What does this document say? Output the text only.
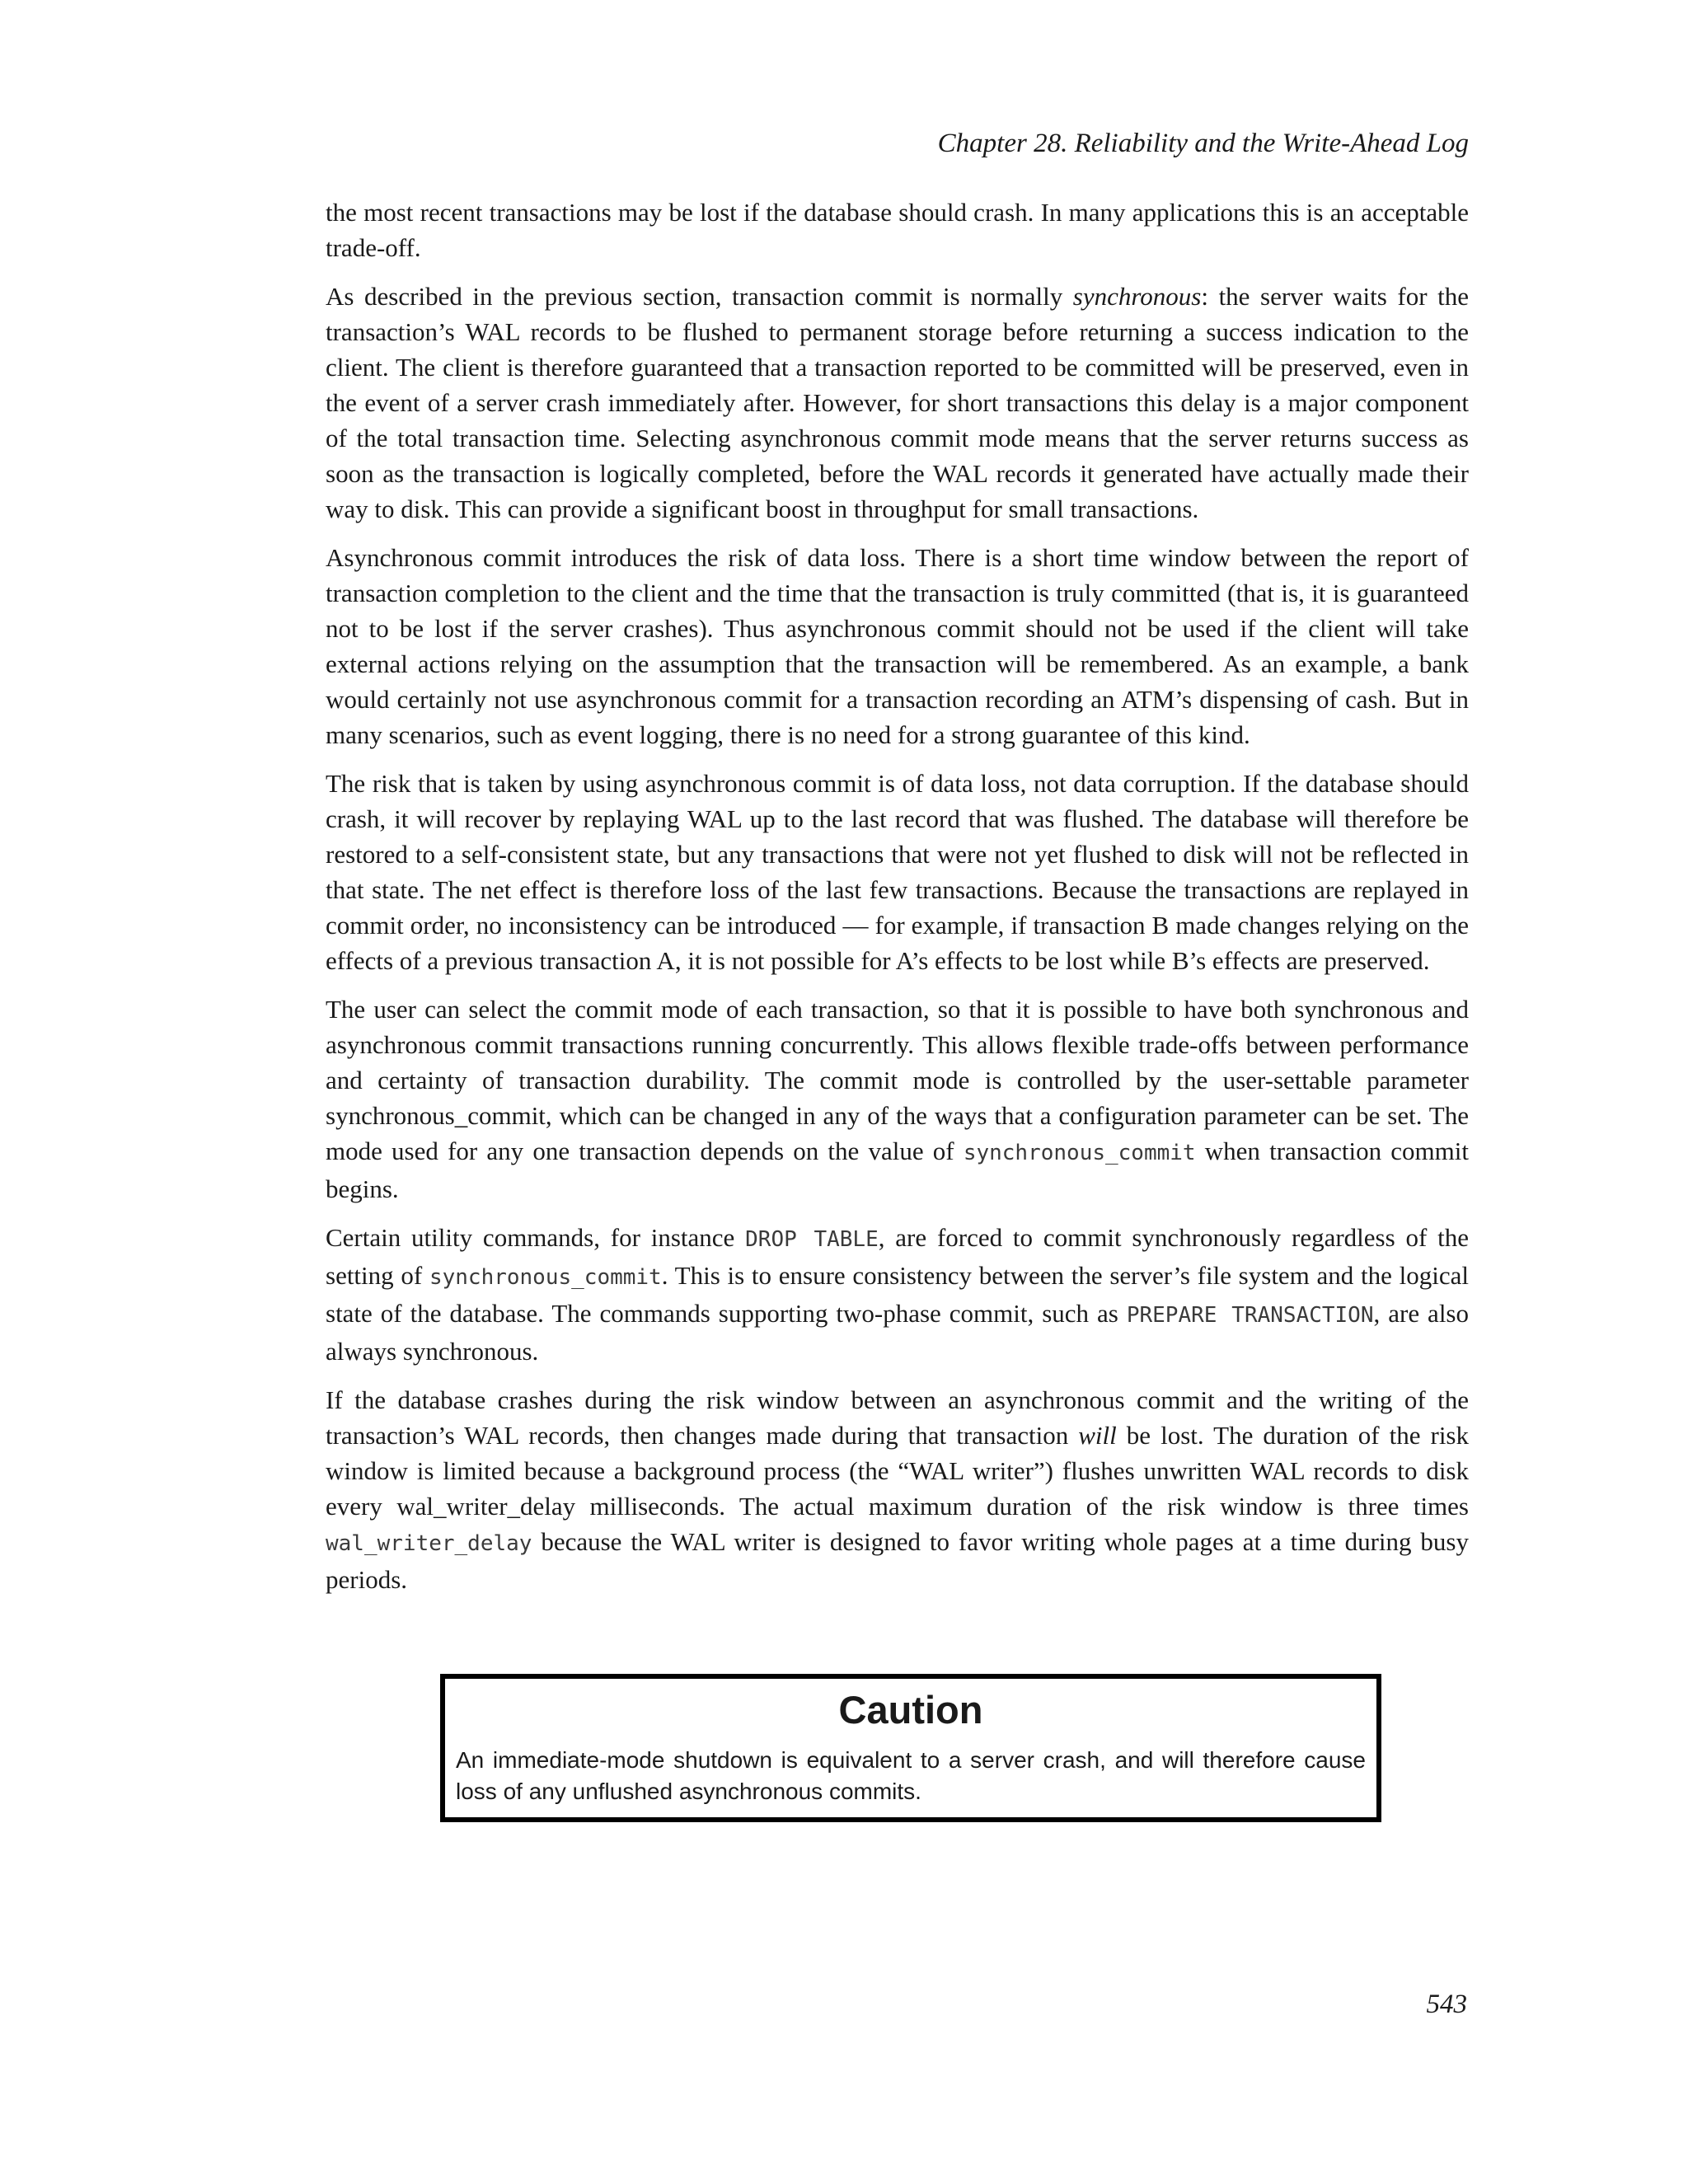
Chapter 28. Reliability and the Write-Ahead Log

the most recent transactions may be lost if the database should crash. In many applications this is an acceptable trade-off.

As described in the previous section, transaction commit is normally synchronous: the server waits for the transaction’s WAL records to be flushed to permanent storage before returning a success indication to the client. The client is therefore guaranteed that a transaction reported to be committed will be preserved, even in the event of a server crash immediately after. However, for short transactions this delay is a major component of the total transaction time. Selecting asynchronous commit mode means that the server returns success as soon as the transaction is logically completed, before the WAL records it generated have actually made their way to disk. This can provide a significant boost in throughput for small transactions.

Asynchronous commit introduces the risk of data loss. There is a short time window between the report of transaction completion to the client and the time that the transaction is truly committed (that is, it is guaranteed not to be lost if the server crashes). Thus asynchronous commit should not be used if the client will take external actions relying on the assumption that the transaction will be remembered. As an example, a bank would certainly not use asynchronous commit for a transaction recording an ATM’s dispensing of cash. But in many scenarios, such as event logging, there is no need for a strong guarantee of this kind.

The risk that is taken by using asynchronous commit is of data loss, not data corruption. If the database should crash, it will recover by replaying WAL up to the last record that was flushed. The database will therefore be restored to a self-consistent state, but any transactions that were not yet flushed to disk will not be reflected in that state. The net effect is therefore loss of the last few transactions. Because the transactions are replayed in commit order, no inconsistency can be introduced — for example, if transaction B made changes relying on the effects of a previous transaction A, it is not possible for A’s effects to be lost while B’s effects are preserved.

The user can select the commit mode of each transaction, so that it is possible to have both synchronous and asynchronous commit transactions running concurrently. This allows flexible trade-offs between performance and certainty of transaction durability. The commit mode is controlled by the user-settable parameter synchronous_commit, which can be changed in any of the ways that a configuration parameter can be set. The mode used for any one transaction depends on the value of synchronous_commit when transaction commit begins.

Certain utility commands, for instance DROP TABLE, are forced to commit synchronously regardless of the setting of synchronous_commit. This is to ensure consistency between the server’s file system and the logical state of the database. The commands supporting two-phase commit, such as PREPARE TRANSACTION, are also always synchronous.

If the database crashes during the risk window between an asynchronous commit and the writing of the transaction’s WAL records, then changes made during that transaction will be lost. The duration of the risk window is limited because a background process (the “WAL writer”) flushes unwritten WAL records to disk every wal_writer_delay milliseconds. The actual maximum duration of the risk window is three times wal_writer_delay because the WAL writer is designed to favor writing whole pages at a time during busy periods.

Caution

An immediate-mode shutdown is equivalent to a server crash, and will therefore cause loss of any unflushed asynchronous commits.

543
